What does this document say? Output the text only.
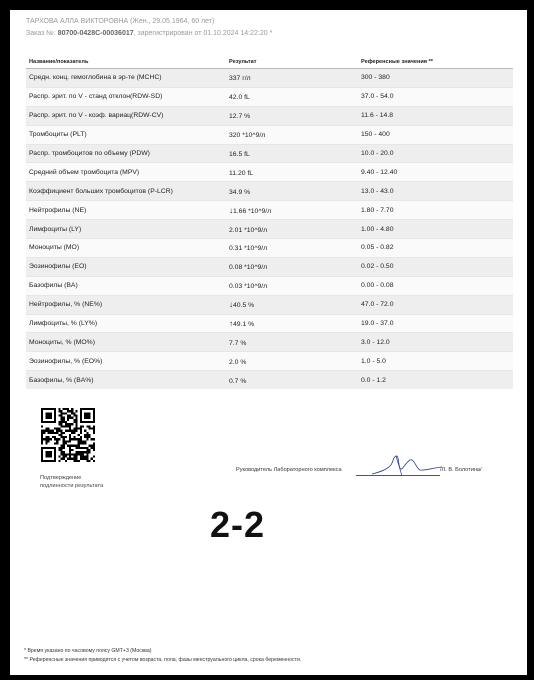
ТАРХОВА АЛЛА ВИКТОРОВНА (Жен., 29.05.1964, 60 лет)
Заказ №: 80700-0428C-00036017, зарегистрирован от 01.10.2024 14:22:20 *
Название/показатель	Результат	Референсные значения **
Средн. конц. гемоглобина в эр-те (MCHC)	337 г/л	300 - 380
Распр. эрит. по V - станд отклон(RDW-SD)	42.0 fL	37.0 - 54.0
Распр. эрит. по V - коэф. вариац(RDW-CV)	12.7 %	11.6 - 14.8
Тромбоциты (PLT)	320 *10^9/л	150 - 400
Распр. тромбоцитов по объему (PDW)	16.5 fL	10.0 - 20.0
Средний объем тромбоцита (MPV)	11.20 fL	9.40 - 12.40
Коэффициент больших тромбоцитов (P-LCR)	34.9 %	13.0 - 43.0
Нейтрофилы (NE)	↓1.66 *10^9/л	1.80 - 7.70
Лимфоциты (LY)	2.01 *10^9/л	1.00 - 4.80
Моноциты (MO)	0.31 *10^9/л	0.05 - 0.82
Эозинофилы (EO)	0.08 *10^9/л	0.02 - 0.50
Базофилы (BA)	0.03 *10^9/л	0.00 - 0.08
Нейтрофилы, % (NE%)	↓40.5 %	47.0 - 72.0
Лимфоциты, % (LY%)	↑49.1 %	19.0 - 37.0
Моноциты, % (MO%)	7.7 %	3.0 - 12.0
Эозинофилы, % (EO%)	2.0 %	1.0 - 5.0
Базофилы, % (BA%)	0.7 %	0.0 - 1.2
Подтверждение
подлинности результата
Руководитель Лабораторного комплекса	/Л. В. Болотина/
2-2
* Время указано по часовому поясу GMT+3 (Москва)
** Референсные значения приводятся с учетом возраста, пола, фазы менструального цикла, срока беременности.
